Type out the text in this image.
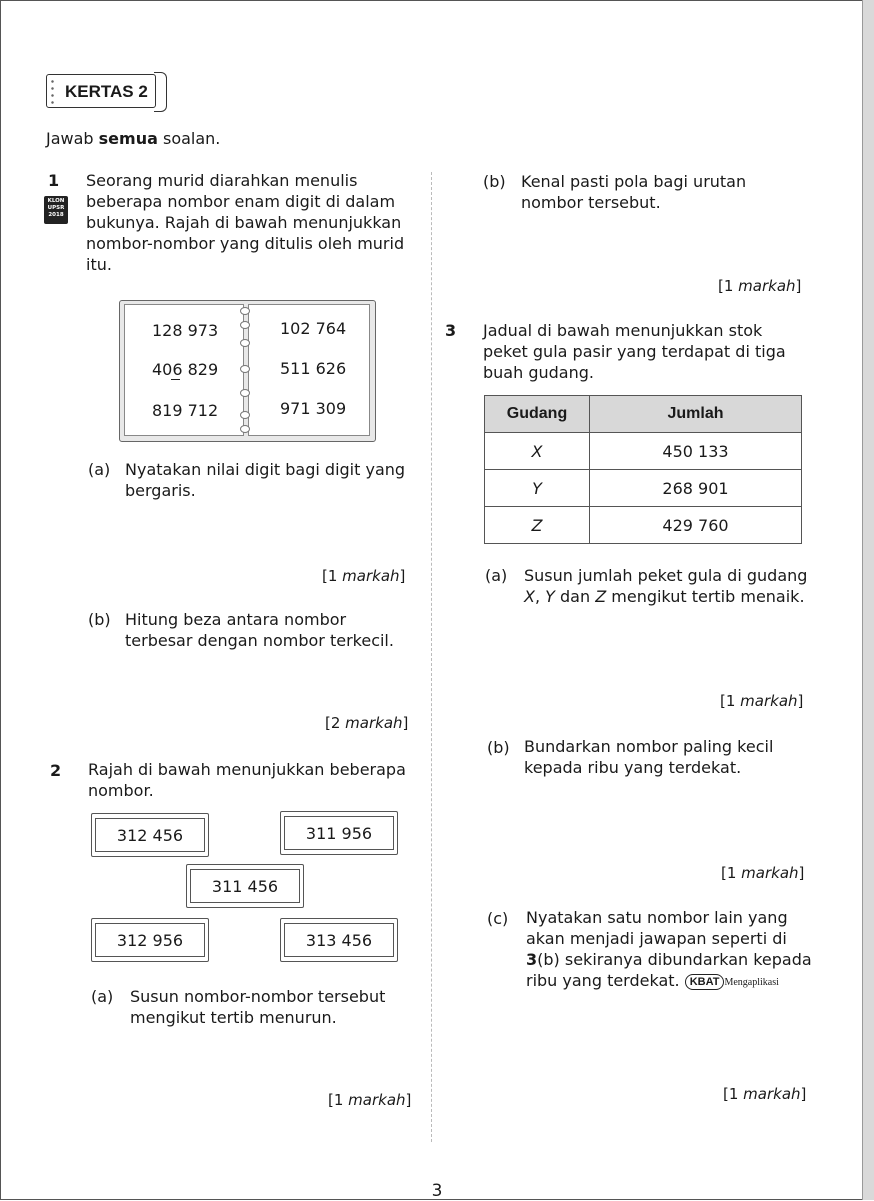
KERTAS 2
Jawab semua soalan.
1
KLON
UPSR
2018
Seorang murid diarahkan menulis
beberapa nombor enam digit di dalam
bukunya. Rajah di bawah menunjukkan
nombor-nombor yang ditulis oleh murid
itu.
128 973
406 829
819 712
102 764
511 626
971 309
(a) Nyatakan nilai digit bagi digit yang
bergaris.
[1 markah]
(b) Hitung beza antara nombor
terbesar dengan nombor terkecil.
[2 markah]
2 Rajah di bawah menunjukkan beberapa
nombor.
312 456	311 956
311 456
312 956	313 456
(a) Susun nombor-nombor tersebut
mengikut tertib menurun.
[1 markah]
(b) Kenal pasti pola bagi urutan
nombor tersebut.
[1 markah]
3 Jadual di bawah menunjukkan stok
peket gula pasir yang terdapat di tiga
buah gudang.
Gudang	Jumlah
X	450 133
Y	268 901
Z	429 760
(a) Susun jumlah peket gula di gudang
X, Y dan Z mengikut tertib menaik.
[1 markah]
(b) Bundarkan nombor paling kecil
kepada ribu yang terdekat.
[1 markah]
(c) Nyatakan satu nombor lain yang
akan menjadi jawapan seperti di
3(b) sekiranya dibundarkan kepada
ribu yang terdekat. KBAT Mengaplikasi
[1 markah]
3
